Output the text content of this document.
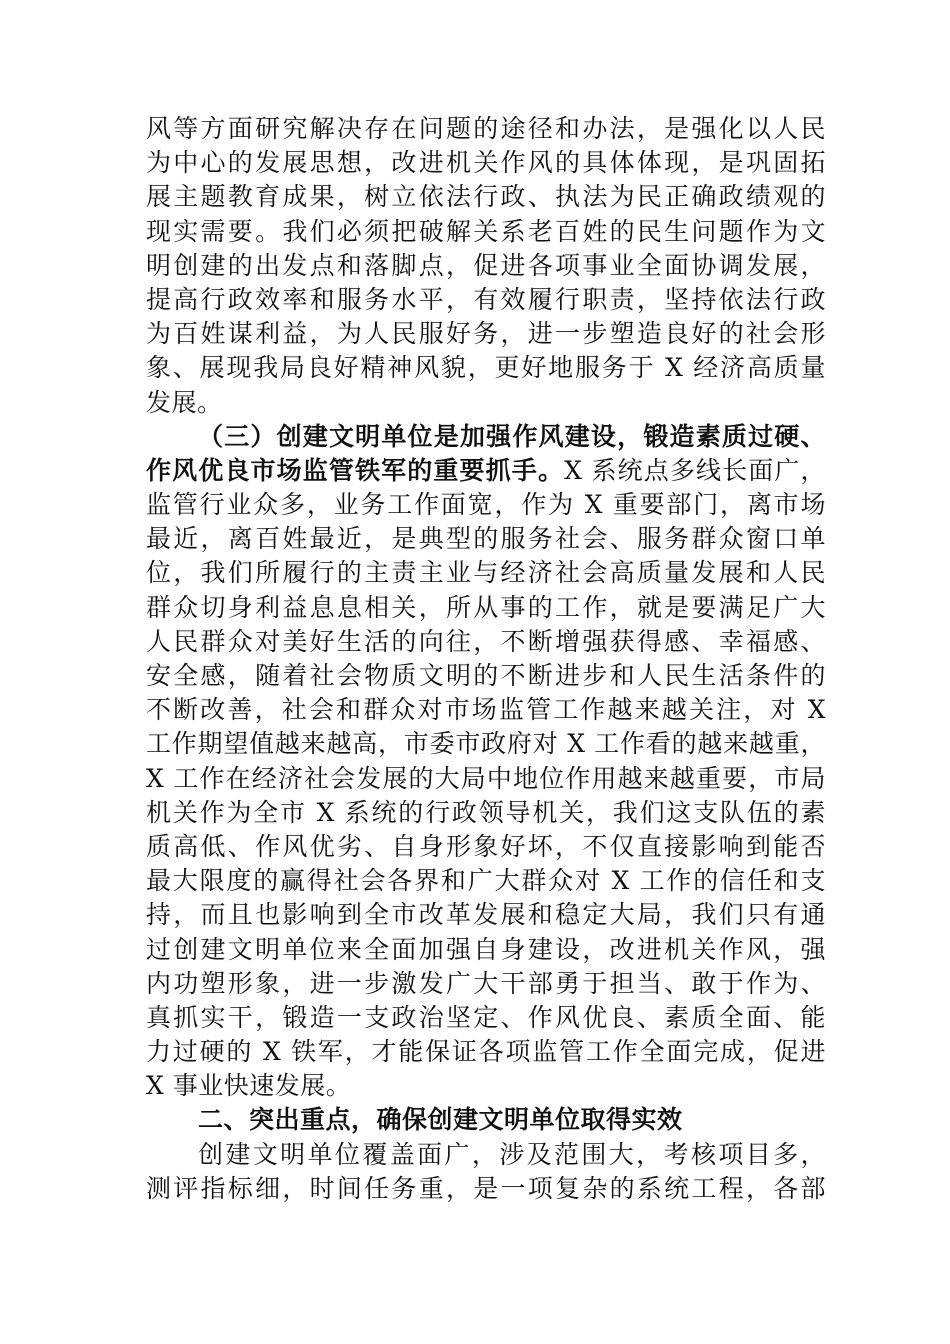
风等方面研究解决存在问题的途径和办法，是强化以人民
为中心的发展思想，改进机关作风的具体体现，是巩固拓
展主题教育成果，树立依法行政、执法为民正确政绩观的
现实需要。我们必须把破解关系老百姓的民生问题作为文
明创建的出发点和落脚点，促进各项事业全面协调发展，
提高行政效率和服务水平，有效履行职责，坚持依法行政
为百姓谋利益，为人民服好务，进一步塑造良好的社会形
象、展现我局良好精神风貌，更好地服务于 X 经济高质量
发展。
（三）创建文明单位是加强作风建设，锻造素质过硬、
作风优良市场监管铁军的重要抓手。X 系统点多线长面广，
监管行业众多，业务工作面宽，作为 X 重要部门，离市场
最近，离百姓最近，是典型的服务社会、服务群众窗口单
位，我们所履行的主责主业与经济社会高质量发展和人民
群众切身利益息息相关，所从事的工作，就是要满足广大
人民群众对美好生活的向往，不断增强获得感、幸福感、
安全感，随着社会物质文明的不断进步和人民生活条件的
不断改善，社会和群众对市场监管工作越来越关注，对 X
工作期望值越来越高，市委市政府对 X 工作看的越来越重，
X 工作在经济社会发展的大局中地位作用越来越重要，市局
机关作为全市 X 系统的行政领导机关，我们这支队伍的素
质高低、作风优劣、自身形象好坏，不仅直接影响到能否
最大限度的赢得社会各界和广大群众对 X 工作的信任和支
持，而且也影响到全市改革发展和稳定大局，我们只有通
过创建文明单位来全面加强自身建设，改进机关作风，强
内功塑形象，进一步激发广大干部勇于担当、敢于作为、
真抓实干，锻造一支政治坚定、作风优良、素质全面、能
力过硬的 X 铁军，才能保证各项监管工作全面完成，促进
X 事业快速发展。
二、突出重点，确保创建文明单位取得实效
创建文明单位覆盖面广，涉及范围大，考核项目多，
测评指标细，时间任务重，是一项复杂的系统工程，各部
